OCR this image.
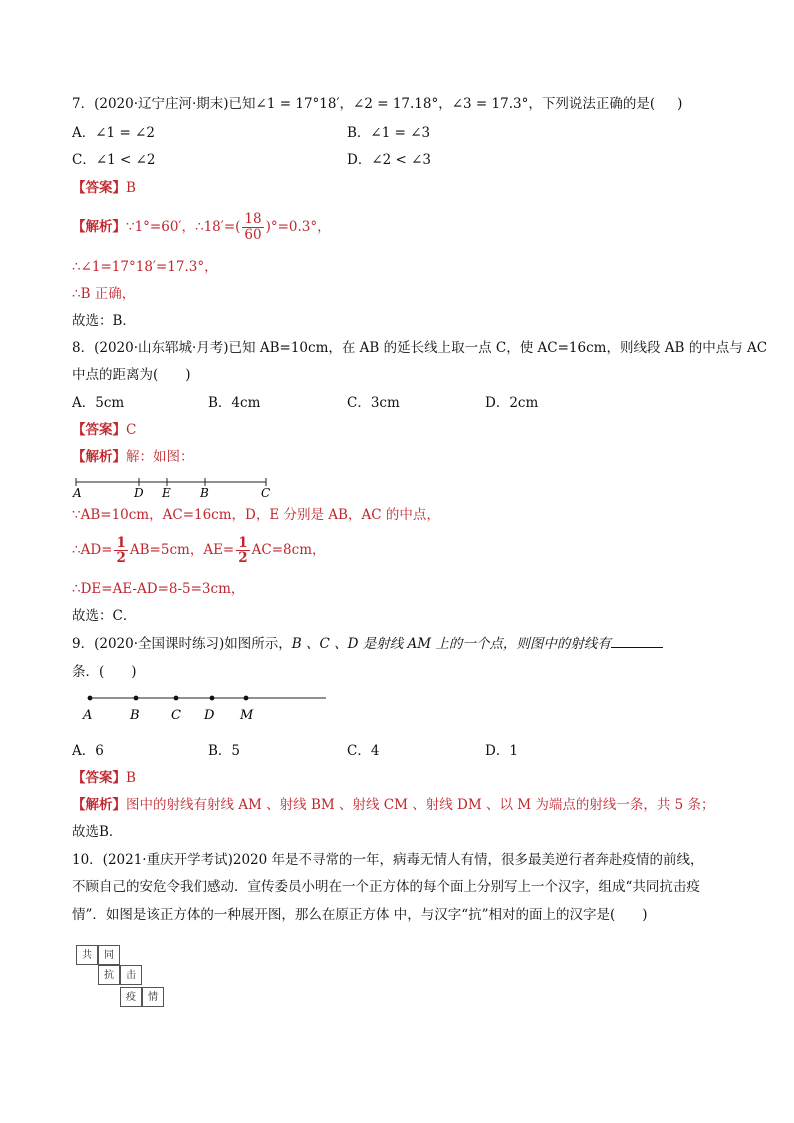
7．(2020·辽宁庄河·期末)已知∠1 = 17°18′，∠2 = 17.18°，∠3 = 17.3°，下列说法正确的是( )
A．∠1 = ∠2	B．∠1 = ∠3
C．∠1 < ∠2	D．∠2 < ∠3
【答案】B
【解析】∵1°=60′，∴18′=( $\frac{18}{60} )^\circ=0.3^\circ$，
∴∠1=17°18′=17.3°，
∴B 正确，
故选：B．
8．(2020·山东郓城·月考)已知 AB=10cm，在 AB 的延长线上取一点 C，使 AC=16cm，则线段 AB 的中点与 AC
中点的距离为(　　)
A．5cm	B．4cm	C．3cm	D．2cm
【答案】C
【解析】解：如图：
A	D E B	C
∵AB=10cm，AC=16cm，D，E 分别是 AB，AC 的中点，
∴AD= $\frac{1}{2} AB=5cm$，$AE= \frac{1}{2} AC=8cm$，
∴DE=AE-AD=8-5=3cm，
故选：C．
9．(2020·全国课时练习)如图所示，B 、C 、D 是射线 AM 上的一个点，则图中的射线有
条．(　　)
A	B C D M
A．6	B．5	C．4	D．1
【答案】B
【解析】图中的射线有射线 AM 、射线 BM 、射线 CM 、射线 DM 、以 M 为端点的射线一条，共 5 条；
故选B．
10．(2021·重庆开学考试)2020 年是不寻常的一年，病毒无情人有情，很多最美逆行者奔赴疫情的前线，
不顾自己的安危令我们感动．宣传委员小明在一个正方体的每个面上分别写上一个汉字，组成“共同抗击疫
情”．如图是该正方体的一种展开图，那么在原正方体 中，与汉字“抗”相对的面上的汉字是(　　)
共	同
抗	击
疫	情
